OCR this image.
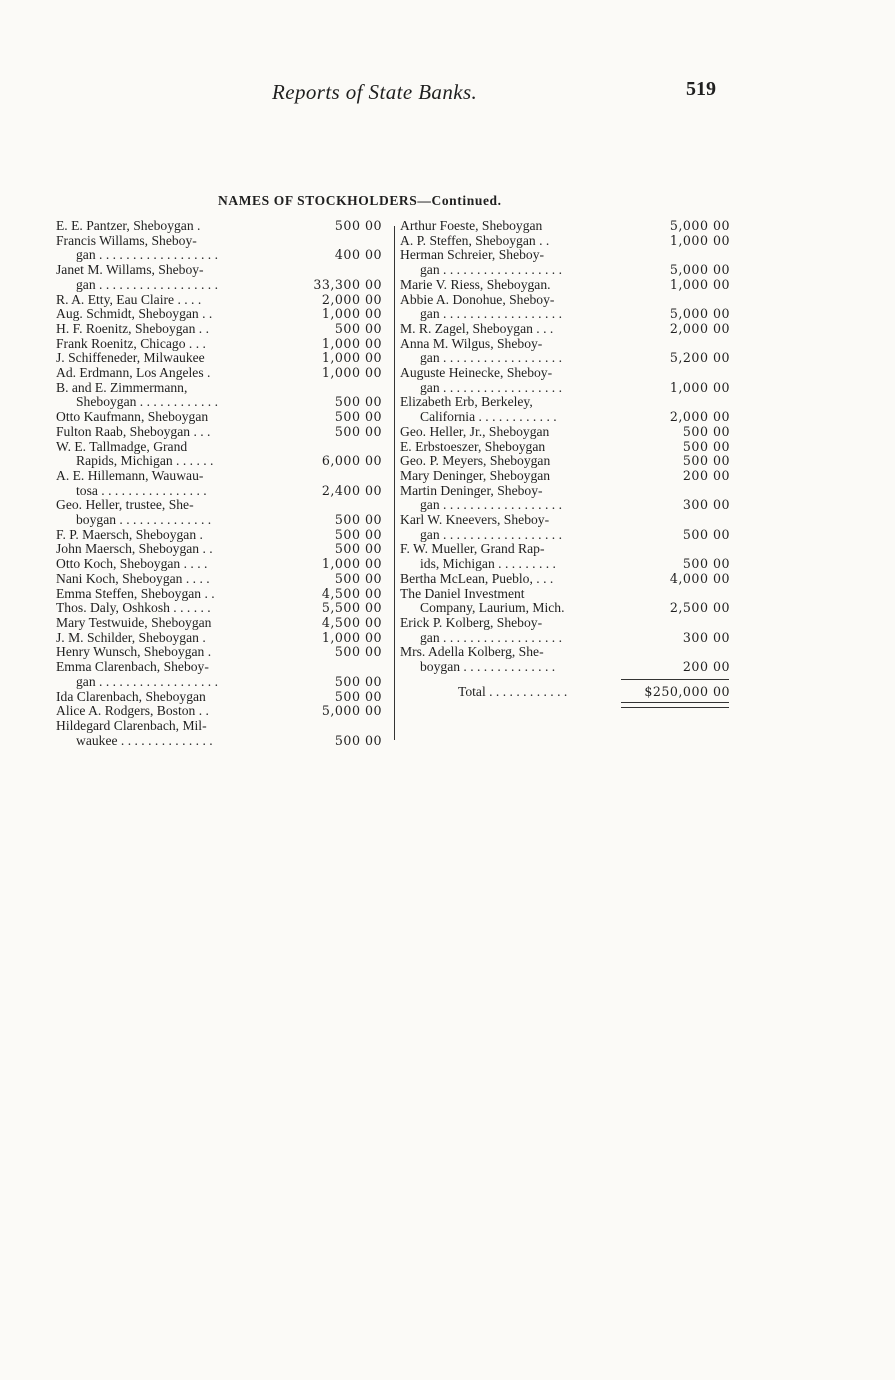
Reports of State Banks.	519
NAMES OF STOCKHOLDERS—Continued.
E. E. Pantzer, Sheboygan .	500 00
Francis Willams, Sheboy-
gan . . . . . . . . . . . . . . . . . .	400 00
Janet M. Willams, Sheboy-
gan . . . . . . . . . . . . . . . . . .	33,300 00
R. A. Etty, Eau Claire . . . .	2,000 00
Aug. Schmidt, Sheboygan . .	1,000 00
H. F. Roenitz, Sheboygan . .	500 00
Frank Roenitz, Chicago . . .	1,000 00
J. Schiffeneder, Milwaukee	1,000 00
Ad. Erdmann, Los Angeles .	1,000 00
B. and E. Zimmermann,
Sheboygan . . . . . . . . . . . .	500 00
Otto Kaufmann, Sheboygan	500 00
Fulton Raab, Sheboygan . . .	500 00
W. E. Tallmadge, Grand
Rapids, Michigan . . . . . .	6,000 00
A. E. Hillemann, Wauwau-
tosa . . . . . . . . . . . . . . . .	2,400 00
Geo. Heller, trustee, She-
boygan . . . . . . . . . . . . . .	500 00
F. P. Maersch, Sheboygan .	500 00
John Maersch, Sheboygan . .	500 00
Otto Koch, Sheboygan . . . .	1,000 00
Nani Koch, Sheboygan . . . .	500 00
Emma Steffen, Sheboygan . .	4,500 00
Thos. Daly, Oshkosh . . . . . .	5,500 00
Mary Testwuide, Sheboygan	4,500 00
J. M. Schilder, Sheboygan .	1,000 00
Henry Wunsch, Sheboygan .	500 00
Emma Clarenbach, Sheboy-
gan . . . . . . . . . . . . . . . . . .	500 00
Ida Clarenbach, Sheboygan	500 00
Alice A. Rodgers, Boston . .	5,000 00
Hildegard Clarenbach, Mil-
waukee . . . . . . . . . . . . . .	500 00
Arthur Foeste, Sheboygan	5,000 00
A. P. Steffen, Sheboygan . .	1,000 00
Herman Schreier, Sheboy-
gan . . . . . . . . . . . . . . . . . .	5,000 00
Marie V. Riess, Sheboygan.	1,000 00
Abbie A. Donohue, Sheboy-
gan . . . . . . . . . . . . . . . . . .	5,000 00
M. R. Zagel, Sheboygan . . .	2,000 00
Anna M. Wilgus, Sheboy-
gan . . . . . . . . . . . . . . . . . .	5,200 00
Auguste Heinecke, Sheboy-
gan . . . . . . . . . . . . . . . . . .	1,000 00
Elizabeth Erb, Berkeley,
California . . . . . . . . . . . .	2,000 00
Geo. Heller, Jr., Sheboygan	500 00
E. Erbstoeszer, Sheboygan	500 00
Geo. P. Meyers, Sheboygan	500 00
Mary Deninger, Sheboygan	200 00
Martin Deninger, Sheboy-
gan . . . . . . . . . . . . . . . . . .	300 00
Karl W. Kneevers, Sheboy-
gan . . . . . . . . . . . . . . . . . .	500 00
F. W. Mueller, Grand Rap-
ids, Michigan . . . . . . . . .	500 00
Bertha McLean, Pueblo, . . .	4,000 00
The Daniel Investment
Company, Laurium, Mich.	2,500 00
Erick P. Kolberg, Sheboy-
gan . . . . . . . . . . . . . . . . . .	300 00
Mrs. Adella Kolberg, She-
boygan . . . . . . . . . . . . . .	200 00
Total . . . . . . . . . . . .	$250,000 00
